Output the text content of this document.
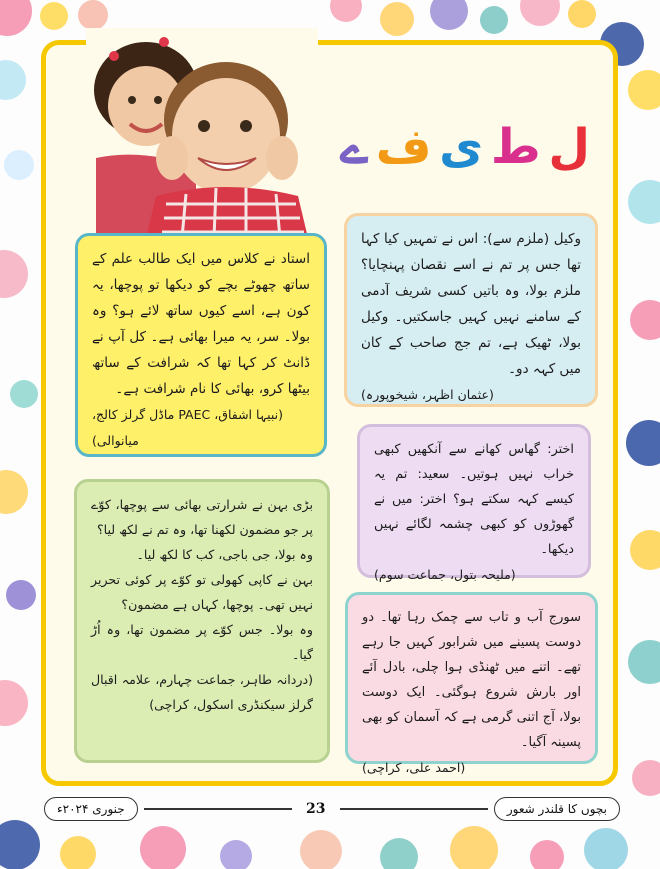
ل
ط
ی
ف
ے

وکیل (ملزم سے): اس نے تمہیں کیا کہا تھا جس پر تم نے اسے نقصان پہنچایا؟ ملزم بولا، وہ باتیں کسی شریف آدمی کے سامنے نہیں کہیں جاسکتیں۔ وکیل بولا، ٹھیک ہے، تم جج صاحب کے کان میں کہہ دو۔

(عثمان اظہر، شیخوپورہ)

استاد نے کلاس میں ایک طالب علم کے ساتھ چھوٹے بچے کو دیکھا تو پوچھا، یہ کون ہے، اسے کیوں ساتھ لائے ہو؟ وہ بولا۔ سر، یہ میرا بھائی ہے۔ کل آپ نے ڈانٹ کر کہا تھا کہ شرافت کے ساتھ بیٹھا کرو، بھائی کا نام شرافت ہے۔

(نبیہا اشفاق، PAEC ماڈل گرلز کالج، میانوالی)

اختر: گھاس کھانے سے آنکھیں کبھی خراب نہیں ہوتیں۔ سعید: تم یہ کیسے کہہ سکتے ہو؟ اختر: میں نے گھوڑوں کو کبھی چشمہ لگائے نہیں دیکھا۔

(ملیحہ بتول، جماعت سوم)

بڑی بہن نے شرارتی بھائی سے پوچھا، کوّے پر جو مضمون لکھنا تھا، وہ تم نے لکھ لیا؟

وہ بولا، جی باجی، کب کا لکھ لیا۔

بہن نے کاپی کھولی تو کوّے پر کوئی تحریر نہیں تھی۔ پوچھا، کہاں ہے مضمون؟

وہ بولا۔ جس کوّے پر مضمون تھا، وہ اُڑ گیا۔

(دردانہ طاہر، جماعت چہارم، علامہ اقبال گرلز سیکنڈری اسکول، کراچی)

سورج آب و تاب سے چمک رہا تھا۔ دو دوست پسینے میں شرابور کہیں جا رہے تھے۔ اتنے میں ٹھنڈی ہوا چلی، بادل آئے اور بارش شروع ہوگئی۔ ایک دوست بولا، آج اتنی گرمی ہے کہ آسمان کو بھی پسینہ آگیا۔

(احمد علی، کراچی)

جنوری ۲۰۲۴ء	23	بچوں کا قلندر شعور
